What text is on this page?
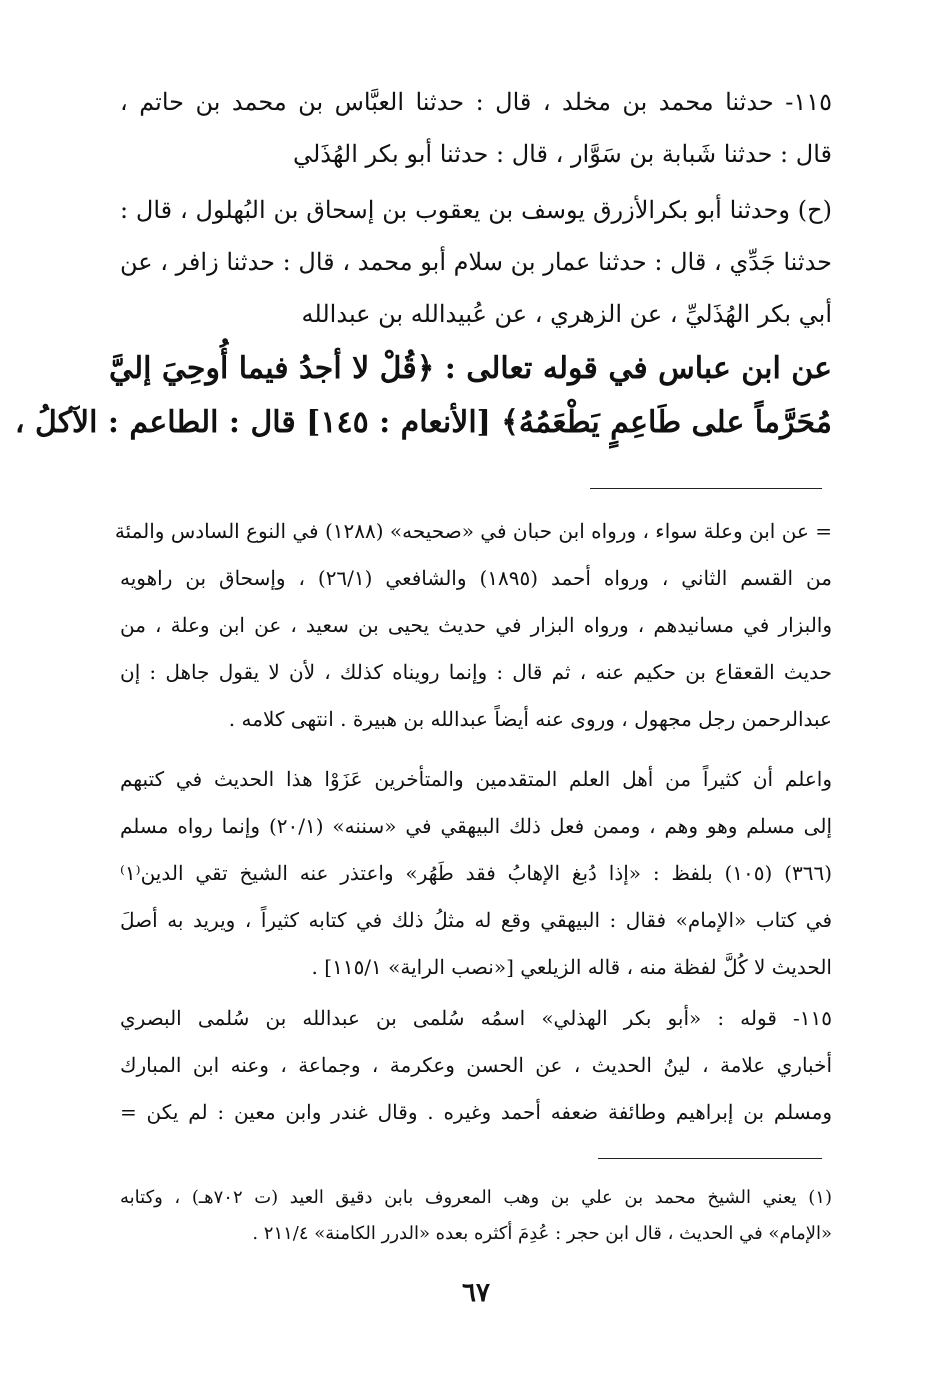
١١٥- حدثنا محمد بن مخلد ، قال : حدثنا العبَّاس بن محمد بن حاتم ،
قال : حدثنا شَبابة بن سَوَّار ، قال : حدثنا أبو بكر الهُذَلي
(ح) وحدثنا أبو بكرالأزرق يوسف بن يعقوب بن إسحاق بن البُهلول ، قال :
حدثنا جَدِّي ، قال : حدثنا عمار بن سلام أبو محمد ، قال : حدثنا زافر ، عن
أبي بكر الهُذَليِّ ، عن الزهري ، عن عُبيدالله بن عبدالله
عن ابن عباس في قوله تعالى : ﴿قُلْ لا أجدُ فيما أُوحِيَ إليَّ
مُحَرَّماً على طَاعِمٍ يَطْعَمُهُ﴾ [الأنعام : ١٤٥] قال : الطاعم : الآكلُ ،
= عن ابن وعلة سواء ، ورواه ابن حبان في «صحيحه» (١٢٨٨) في النوع السادس والمئة
من القسم الثاني ، ورواه أحمد (١٨٩٥) والشافعي (٢٦/١) ، وإسحاق بن راهويه
والبزار في مسانيدهم ، ورواه البزار في حديث يحيى بن سعيد ، عن ابن وعلة ، من
حديث القعقاع بن حكيم عنه ، ثم قال : وإنما رويناه كذلك ، لأن لا يقول جاهل : إن
عبدالرحمن رجل مجهول ، وروى عنه أيضاً عبدالله بن هبيرة . انتهى كلامه .
واعلم أن كثيراً من أهل العلم المتقدمين والمتأخرين عَزَوْا هذا الحديث في كتبهم
إلى مسلم وهو وهم ، وممن فعل ذلك البيهقي في «سننه» (٢٠/١) وإنما رواه مسلم
(٣٦٦) (١٠٥) بلفظ : «إذا دُبغ الإهابُ فقد طَهُر» واعتذر عنه الشيخ تقي الدين⁽١⁾
في كتاب «الإمام» فقال : البيهقي وقع له مثلُ ذلك في كتابه كثيراً ، ويريد به أصلَ
الحديث لا كُلَّ لفظة منه ، قاله الزيلعي [«نصب الراية» ١١٥/١] .
١١٥- قوله : «أبو بكر الهذلي» اسمُه سُلمى بن عبدالله بن سُلمى البصري
أخباري علامة ، لينُ الحديث ، عن الحسن وعكرمة ، وجماعة ، وعنه ابن المبارك
ومسلم بن إبراهيم وطائفة ضعفه أحمد وغيره . وقال غندر وابن معين : لم يكن =
(١) يعني الشيخ محمد بن علي بن وهب المعروف بابن دقيق العيد (ت ٧٠٢هـ) ، وكتابه
«الإمام» في الحديث ، قال ابن حجر : عُدِمَ أكثره بعده «الدرر الكامنة» ٢١١/٤ .
٦٧
